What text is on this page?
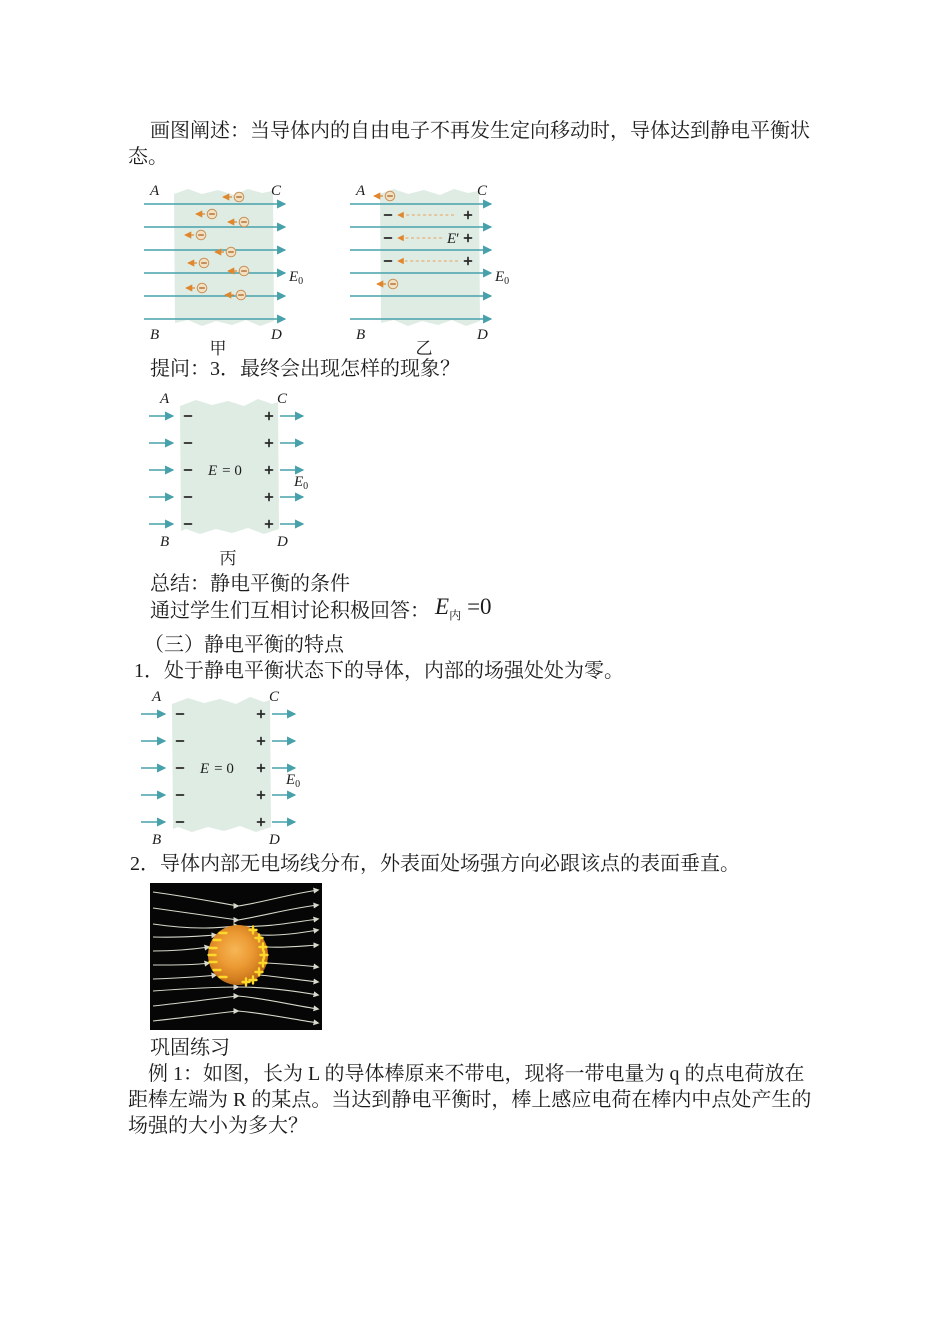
画图阐述：当导体内的自由电子不再发生定向移动时，导体达到静电平衡状态。

A	C
B	D
E0
甲
E′
A	C
B	D
E0
乙

提问：3．最终会出现怎样的现象？

E = 0
A	C
B	D
E0
丙

总结：静电平衡的条件

通过学生们互相讨论积极回答： $E_内 =0$

（三）静电平衡的特点

1．处于静电平衡状态下的导体，内部的场强处处为零。

E = 0
A	C
B	D
E0

2．导体内部无电场线分布，外表面处场强方向必跟该点的表面垂直。

巩固练习

例 1：如图，长为 L 的导体棒原来不带电，现将一带电量为 q 的点电荷放在距棒左端为 R 的某点。当达到静电平衡时，棒上感应电荷在棒内中点处产生的场强的大小为多大？
